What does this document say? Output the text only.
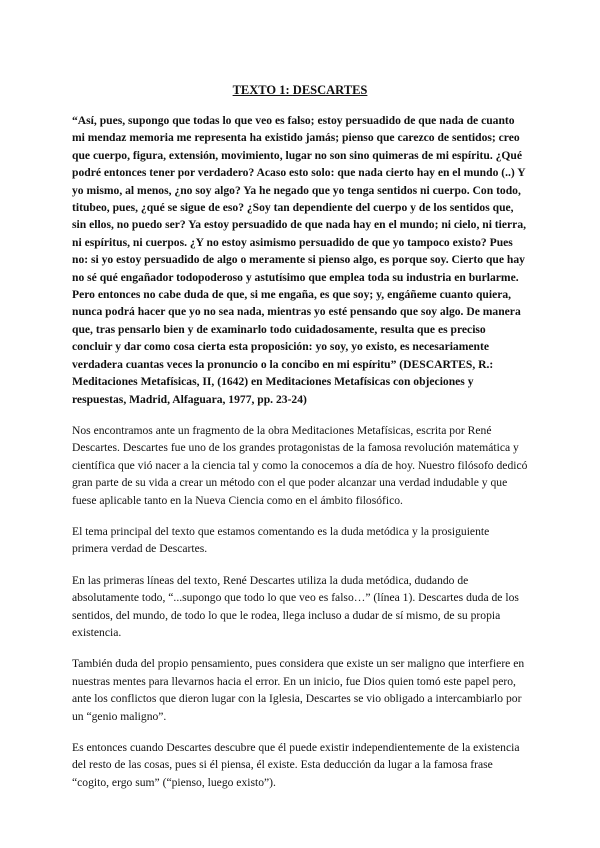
TEXTO 1: DESCARTES

“Así, pues, supongo que todas lo que veo es falso; estoy persuadido de que nada de cuanto mi mendaz memoria me representa ha existido jamás; pienso que carezco de sentidos; creo que cuerpo, figura, extensión, movimiento, lugar no son sino quimeras de mi espíritu. ¿Qué podré entonces tener por verdadero? Acaso esto solo: que nada cierto hay en el mundo (..) Y yo mismo, al menos, ¿no soy algo? Ya he negado que yo tenga sentidos ni cuerpo. Con todo, titubeo, pues, ¿qué se sigue de eso? ¿Soy tan dependiente del cuerpo y de los sentidos que, sin ellos, no puedo ser? Ya estoy persuadido de que nada hay en el mundo; ni cielo, ni tierra, ni espíritus, ni cuerpos. ¿Y no estoy asimismo persuadido de que yo tampoco existo? Pues no: si yo estoy persuadido de algo o meramente si pienso algo, es porque soy. Cierto que hay no sé qué engañador todopoderoso y astutísimo que emplea toda su industria en burlarme. Pero entonces no cabe duda de que, si me engaña, es que soy; y, engáñeme cuanto quiera, nunca podrá hacer que yo no sea nada, mientras yo esté pensando que soy algo. De manera que, tras pensarlo bien y de examinarlo todo cuidadosamente, resulta que es preciso concluir y dar como cosa cierta esta proposición: yo soy, yo existo, es necesariamente verdadera cuantas veces la pronuncio o la concibo en mi espíritu” (DESCARTES, R.: Meditaciones Metafísicas, II, (1642) en Meditaciones Metafísicas con objeciones y respuestas, Madrid, Alfaguara, 1977, pp. 23-24)

Nos encontramos ante un fragmento de la obra Meditaciones Metafísicas, escrita por René Descartes. Descartes fue uno de los grandes protagonistas de la famosa revolución matemática y científica que vió nacer a la ciencia tal y como la conocemos a día de hoy. Nuestro filósofo dedicó gran parte de su vida a crear un método con el que poder alcanzar una verdad indudable y que fuese aplicable tanto en la Nueva Ciencia como en el ámbito filosófico.

El tema principal del texto que estamos comentando es la duda metódica y la prosiguiente primera verdad de Descartes.

En las primeras líneas del texto, René Descartes utiliza la duda metódica, dudando de absolutamente todo, “...supongo que todo lo que veo es falso…” (línea 1). Descartes duda de los sentidos, del mundo, de todo lo que le rodea, llega incluso a dudar de sí mismo, de su propia existencia.

También duda del propio pensamiento, pues considera que existe un ser maligno que interfiere en nuestras mentes para llevarnos hacia el error. En un inicio, fue Dios quien tomó este papel pero, ante los conflictos que dieron lugar con la Iglesia, Descartes se vio obligado a intercambiarlo por un “genio maligno”.

Es entonces cuando Descartes descubre que él puede existir independientemente de la existencia del resto de las cosas, pues si él piensa, él existe. Esta deducción da lugar a la famosa frase “cogito, ergo sum” (“pienso, luego existo”).
